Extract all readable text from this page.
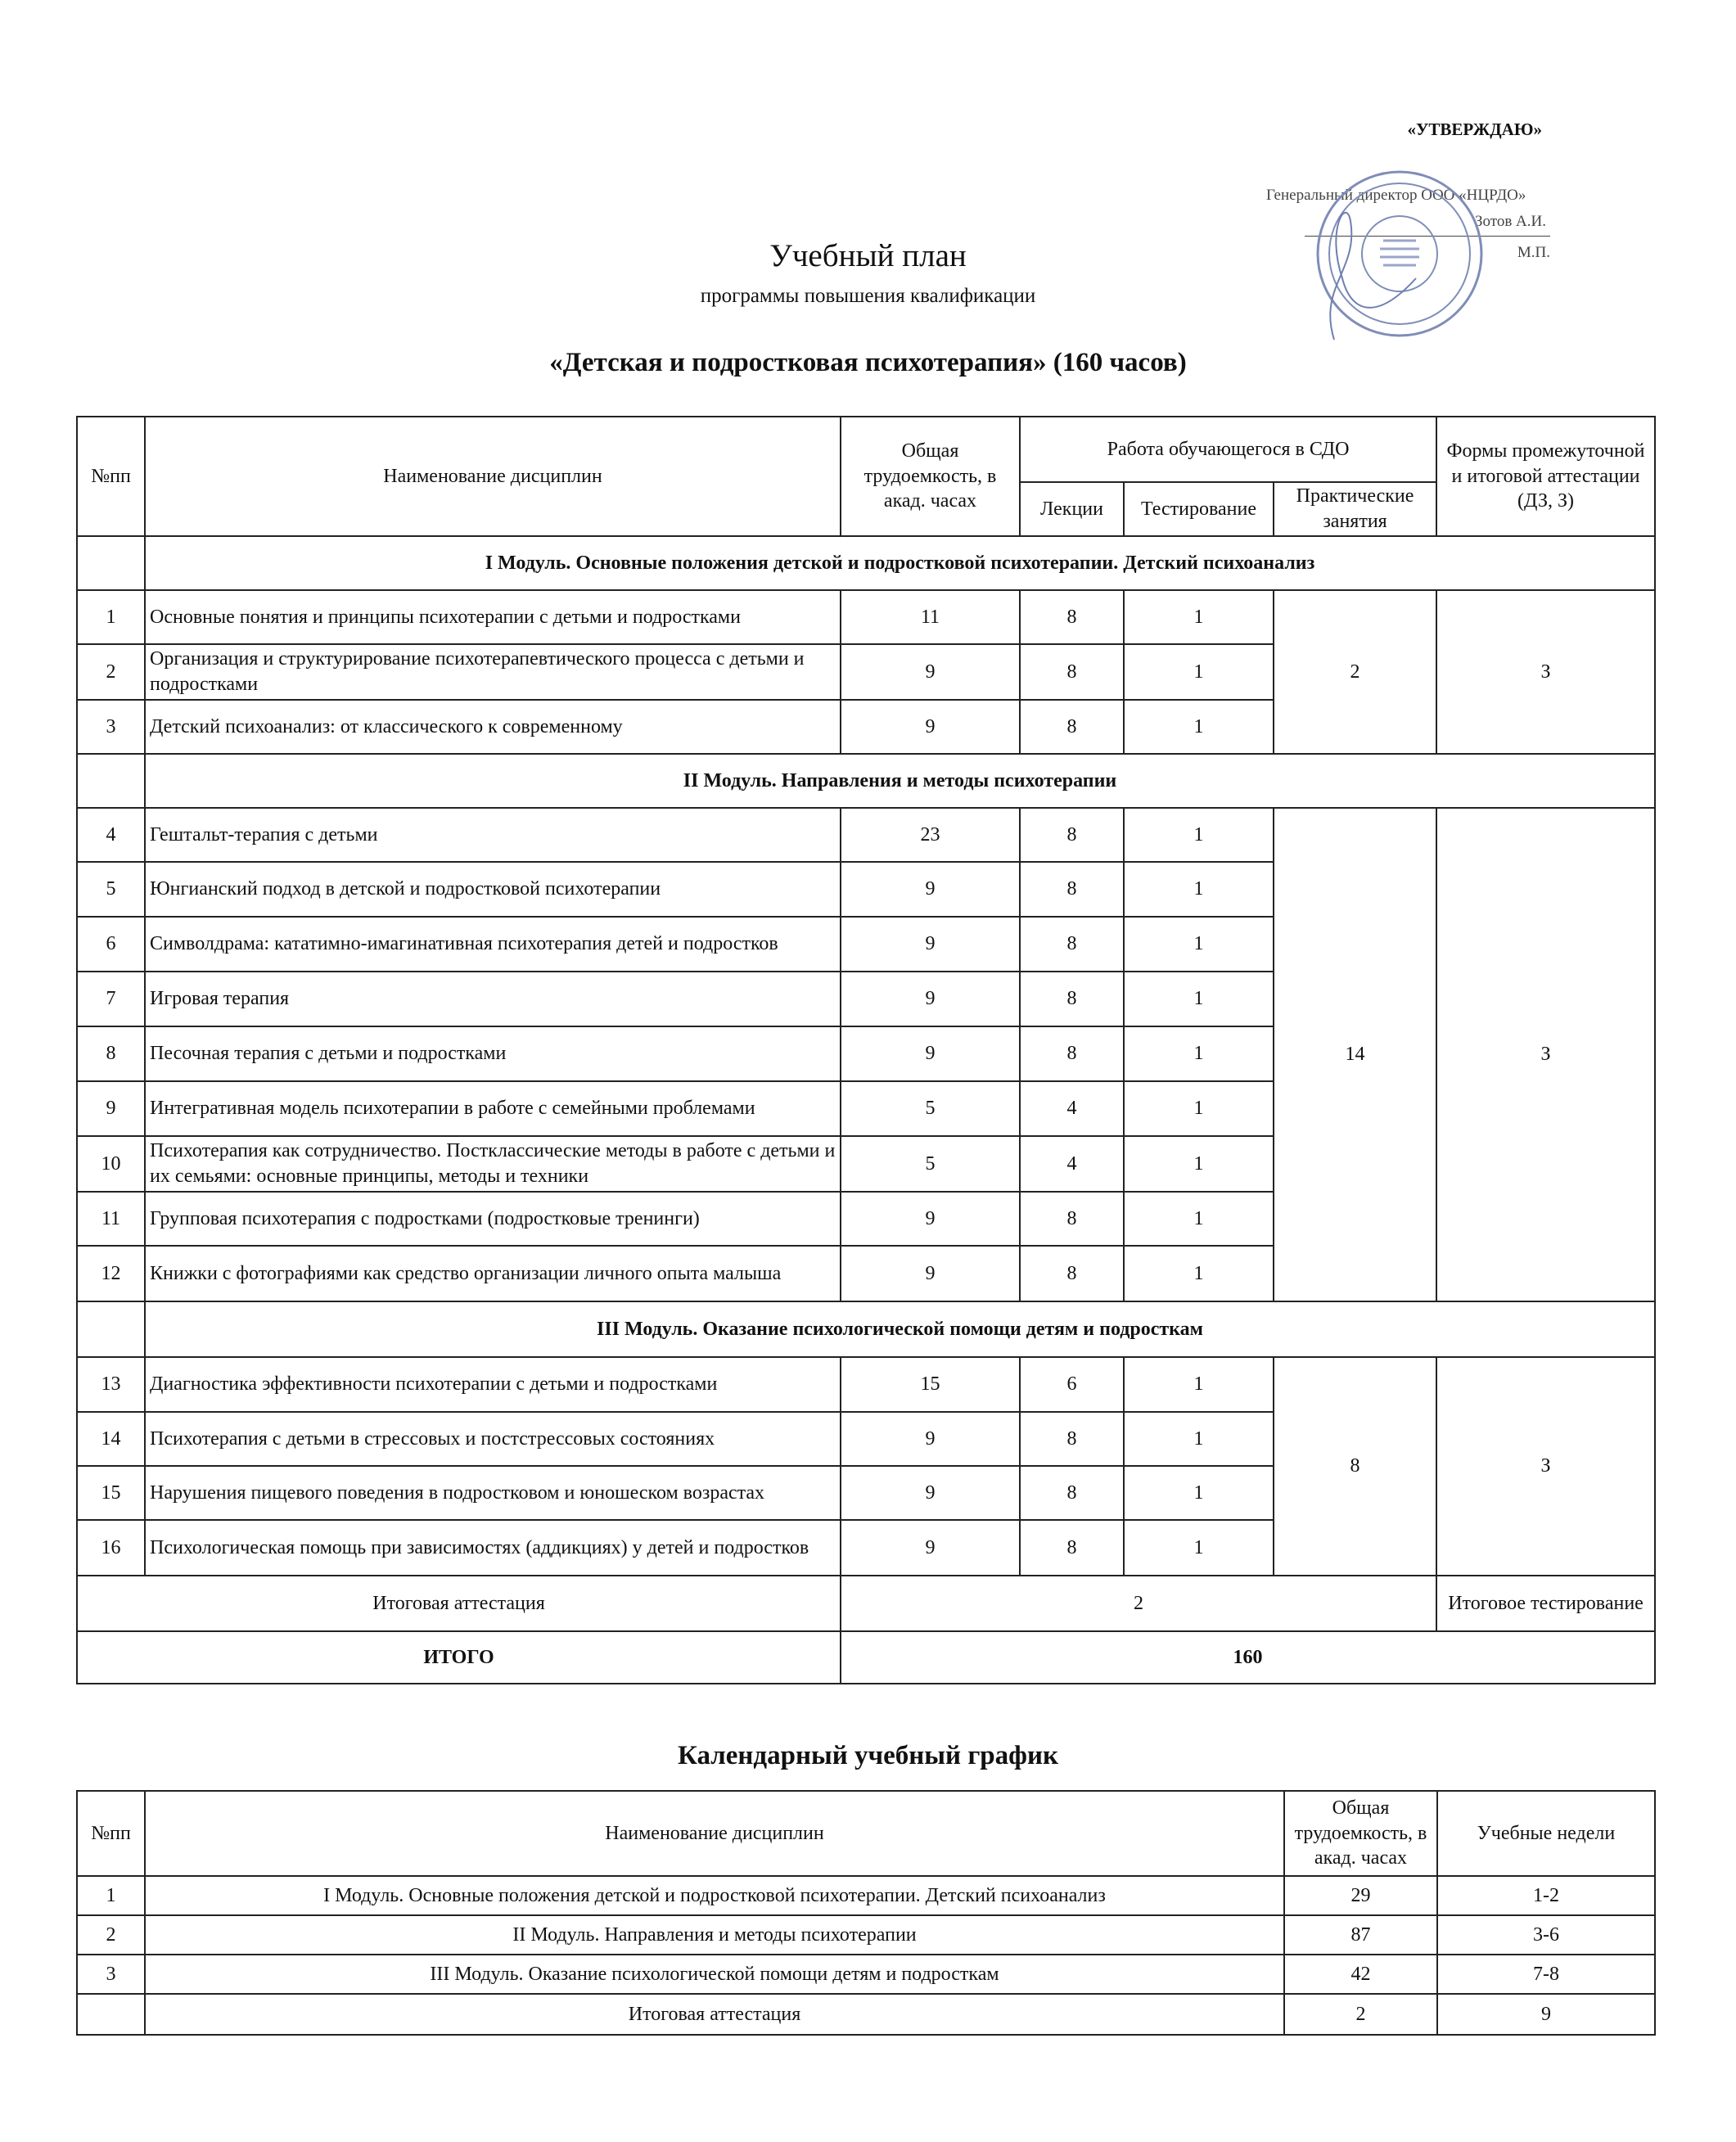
«УТВЕРЖДАЮ»
Генеральный директор ООО «НЦРДО»
Зотов А.И.
М.П.
Учебный план
программы повышения квалификации
«Детская и подростковая психотерапия» (160 часов)
№пп	Наименование дисциплин	Общая трудоемкость, в акад. часах	Работа обучающегося в СДО			Формы промежуточной и итоговой аттестации (ДЗ, З)
			Лекции	Тестирование	Практические занятия	
	I Модуль. Основные положения детской и подростковой психотерапии. Детский психоанализ					
1	Основные понятия и принципы психотерапии с детьми и подростками	11	8	1	2	З
2	Организация и структурирование психотерапевтического процесса с детьми и подростками	9	8	1		
3	Детский психоанализ: от классического к современному	9	8	1		
	II Модуль. Направления и методы психотерапии					
4	Гештальт-терапия с детьми	23	8	1	14	З
5	Юнгианский подход в детской и подростковой психотерапии	9	8	1		
6	Символдрама: кататимно-имагинативная психотерапия детей и подростков	9	8	1		
7	Игровая терапия	9	8	1		
8	Песочная терапия с детьми и подростками	9	8	1		
9	Интегративная модель психотерапии в работе с семейными проблемами	5	4	1		
10	Психотерапия как сотрудничество. Постклассические методы в работе с детьми и их семьями: основные принципы, методы и техники	5	4	1		
11	Групповая психотерапия с подростками (подростковые тренинги)	9	8	1		
12	Книжки с фотографиями как средство организации личного опыта малыша	9	8	1		
	III Модуль. Оказание психологической помощи детям и подросткам					
13	Диагностика эффективности психотерапии с детьми и подростками	15	6	1	8	З
14	Психотерапия с детьми в стрессовых и постстрессовых состояниях	9	8	1		
15	Нарушения пищевого поведения в подростковом и юношеском возрастах	9	8	1		
16	Психологическая помощь при зависимостях (аддикциях) у детей и подростков	9	8	1		
Итоговая аттестация		2				Итоговое тестирование
ИТОГО		160				
Календарный учебный график
№пп	Наименование дисциплин	Общая трудоемкость, в акад. часах	Учебные недели
1	I Модуль. Основные положения детской и подростковой психотерапии. Детский психоанализ	29	1-2
2	II Модуль. Направления и методы психотерапии	87	3-6
3	III Модуль. Оказание психологической помощи детям и подросткам	42	7-8
	Итоговая аттестация	2	9
